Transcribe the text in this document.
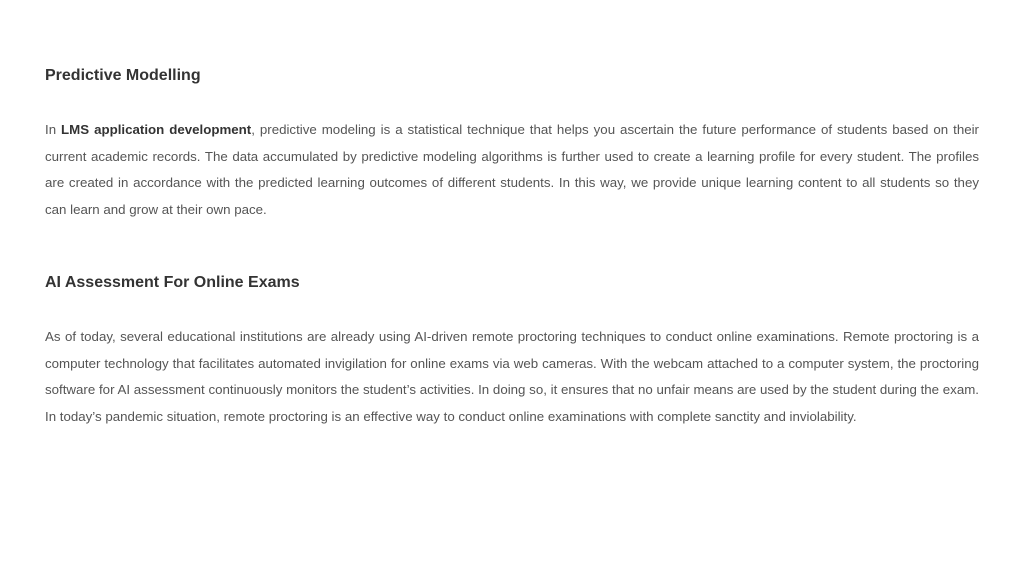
Predictive Modelling

In LMS application development, predictive modeling is a statistical technique that helps you ascertain the future performance of students based on their current academic records. The data accumulated by predictive modeling algorithms is further used to create a learning profile for every student. The profiles are created in accordance with the predicted learning outcomes of different students. In this way, we provide unique learning content to all students so they can learn and grow at their own pace.

AI Assessment For Online Exams

As of today, several educational institutions are already using AI-driven remote proctoring techniques to conduct online examinations. Remote proctoring is a computer technology that facilitates automated invigilation for online exams via web cameras. With the webcam attached to a computer system, the proctoring software for AI assessment continuously monitors the student’s activities. In doing so, it ensures that no unfair means are used by the student during the exam. In today’s pandemic situation, remote proctoring is an effective way to conduct online examinations with complete sanctity and inviolability.
